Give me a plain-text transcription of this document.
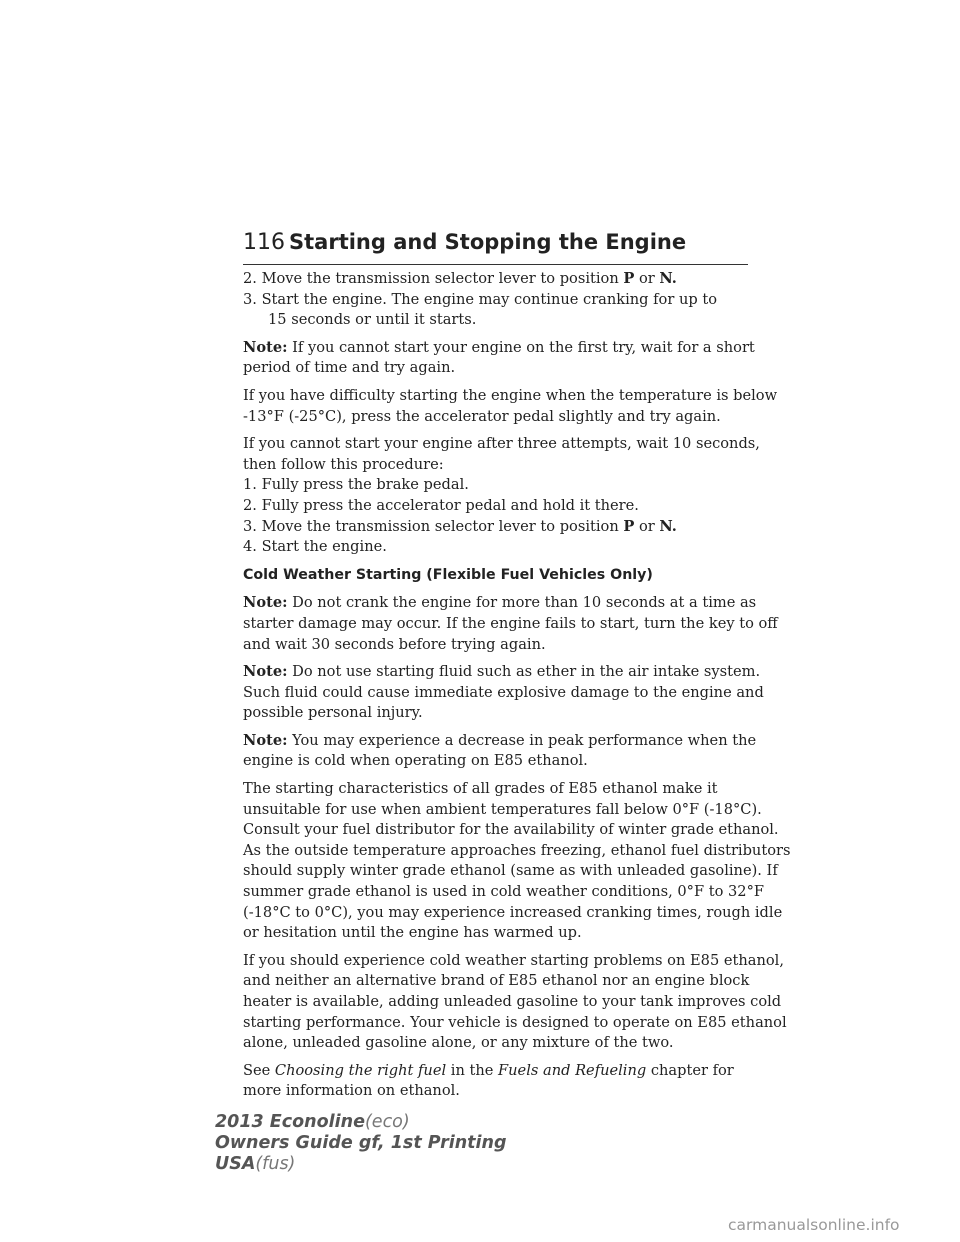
116 Starting and Stopping the Engine

2. Move the transmission selector lever to position P or N.
3. Start the engine. The engine may continue cranking for up to
15 seconds or until it starts.

Note: If you cannot start your engine on the first try, wait for a short
period of time and try again.

If you have difficulty starting the engine when the temperature is below
-13°F (-25°C), press the accelerator pedal slightly and try again.

If you cannot start your engine after three attempts, wait 10 seconds,
then follow this procedure:
1. Fully press the brake pedal.
2. Fully press the accelerator pedal and hold it there.
3. Move the transmission selector lever to position P or N.
4. Start the engine.

Cold Weather Starting (Flexible Fuel Vehicles Only)

Note: Do not crank the engine for more than 10 seconds at a time as
starter damage may occur. If the engine fails to start, turn the key to off
and wait 30 seconds before trying again.

Note: Do not use starting fluid such as ether in the air intake system.
Such fluid could cause immediate explosive damage to the engine and
possible personal injury.

Note: You may experience a decrease in peak performance when the
engine is cold when operating on E85 ethanol.

The starting characteristics of all grades of E85 ethanol make it
unsuitable for use when ambient temperatures fall below 0°F (-18°C).
Consult your fuel distributor for the availability of winter grade ethanol.
As the outside temperature approaches freezing, ethanol fuel distributors
should supply winter grade ethanol (same as with unleaded gasoline). If
summer grade ethanol is used in cold weather conditions, 0°F to 32°F
(-18°C to 0°C), you may experience increased cranking times, rough idle
or hesitation until the engine has warmed up.

If you should experience cold weather starting problems on E85 ethanol,
and neither an alternative brand of E85 ethanol nor an engine block
heater is available, adding unleaded gasoline to your tank improves cold
starting performance. Your vehicle is designed to operate on E85 ethanol
alone, unleaded gasoline alone, or any mixture of the two.

See Choosing the right fuel in the Fuels and Refueling chapter for
more information on ethanol.

2013 Econoline(eco)
Owners Guide gf, 1st Printing
USA(fus)
carmanualsonline.info
